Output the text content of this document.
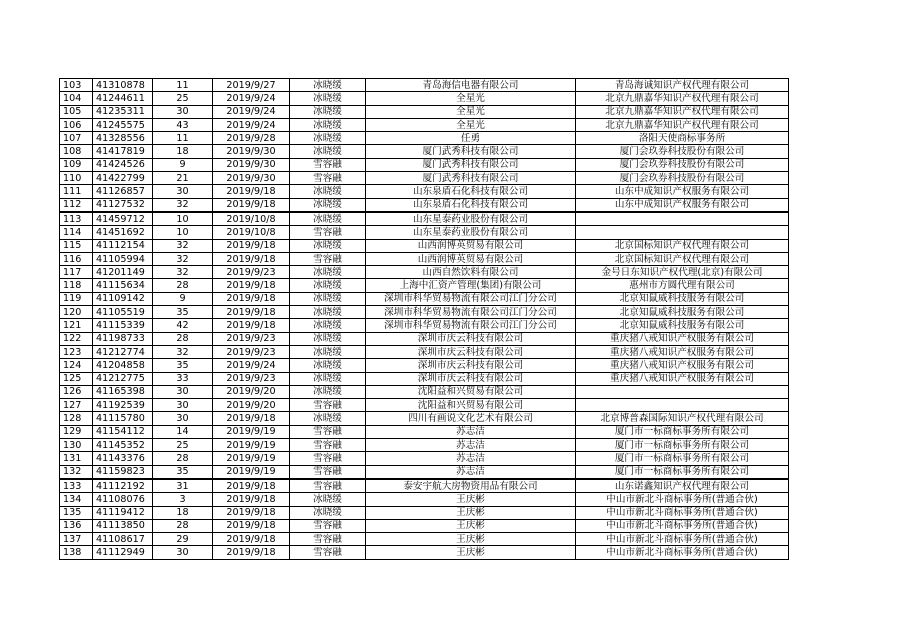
103	41310878	11	2019/9/27	冰晓缓	青岛海信电器有限公司	青岛海诚知识产权代理有限公司
104	41244611	25	2019/9/24	冰晓缓	全星光	北京九鼎嘉华知识产权代理有限公司
105	41235311	30	2019/9/24	冰晓缓	全星光	北京九鼎嘉华知识产权代理有限公司
106	41245575	43	2019/9/24	冰晓缓	全星光	北京九鼎嘉华知识产权代理有限公司
107	41328556	11	2019/9/28	冰晓缓	任勇	洛阳天使商标事务所
108	41417819	18	2019/9/30	冰晓缓	厦门武秀科技有限公司	厦门会玖券科技股份有限公司
109	41424526	9	2019/9/30	雪容融	厦门武秀科技有限公司	厦门会玖券科技股份有限公司
110	41422799	21	2019/9/30	雪容融	厦门武秀科技有限公司	厦门会玖券科技股份有限公司
111	41126857	30	2019/9/18	冰晓缓	山东泉盾石化科技有限公司	山东中成知识产权服务有限公司
112	41127532	32	2019/9/18	冰晓缓	山东泉盾石化科技有限公司	山东中成知识产权服务有限公司
113	41459712	10	2019/10/8	冰晓缓	山东星泰药业股份有限公司	
114	41451692	10	2019/10/8	雪容融	山东星泰药业股份有限公司	
115	41112154	32	2019/9/18	冰晓缓	山西润博英贸易有限公司	北京国标知识产权代理有限公司
116	41105994	32	2019/9/18	雪容融	山西润博英贸易有限公司	北京国标知识产权代理有限公司
117	41201149	32	2019/9/23	冰晓缓	山西自然饮料有限公司	金号日东知识产权代理(北京)有限公司
118	41115634	28	2019/9/18	冰晓缓	上海中汇资产管理(集团)有限公司	惠州市方圆代理有限公司
119	41109142	9	2019/9/18	冰晓缓	深圳市科华贸易物流有限公司江门分公司	北京知鼠威科技服务有限公司
120	41105519	35	2019/9/18	冰晓缓	深圳市科华贸易物流有限公司江门分公司	北京知鼠威科技服务有限公司
121	41115339	42	2019/9/18	冰晓缓	深圳市科华贸易物流有限公司江门分公司	北京知鼠威科技服务有限公司
122	41198733	28	2019/9/23	冰晓缓	深圳市庆云科技有限公司	重庆猪八戒知识产权服务有限公司
123	41212774	32	2019/9/23	冰晓缓	深圳市庆云科技有限公司	重庆猪八戒知识产权服务有限公司
124	41204858	35	2019/9/24	冰晓缓	深圳市庆云科技有限公司	重庆猪八戒知识产权服务有限公司
125	41212775	33	2019/9/23	冰晓缓	深圳市庆云科技有限公司	重庆猪八戒知识产权服务有限公司
126	41165398	30	2019/9/20	冰晓缓	沈阳益和兴贸易有限公司	
127	41192539	30	2019/9/20	雪容融	沈阳益和兴贸易有限公司	
128	41115780	30	2019/9/18	冰晓缓	四川有画说文化艺术有限公司	北京博普森国际知识产权代理有限公司
129	41154112	14	2019/9/19	雪容融	苏志洁	厦门市一标商标事务所有限公司
130	41145352	25	2019/9/19	雪容融	苏志洁	厦门市一标商标事务所有限公司
131	41143376	28	2019/9/19	雪容融	苏志洁	厦门市一标商标事务所有限公司
132	41159823	35	2019/9/19	雪容融	苏志洁	厦门市一标商标事务所有限公司
133	41112192	31	2019/9/18	雪容融	泰安宇航大房物资用品有限公司	山东诺鑫知识产权代理有限公司
134	41108076	3	2019/9/18	冰晓缓	王庆彬	中山市新北斗商标事务所(普通合伙)
135	41119412	18	2019/9/18	冰晓缓	王庆彬	中山市新北斗商标事务所(普通合伙)
136	41113850	28	2019/9/18	雪容融	王庆彬	中山市新北斗商标事务所(普通合伙)
137	41108617	29	2019/9/18	雪容融	王庆彬	中山市新北斗商标事务所(普通合伙)
138	41112949	30	2019/9/18	雪容融	王庆彬	中山市新北斗商标事务所(普通合伙)
